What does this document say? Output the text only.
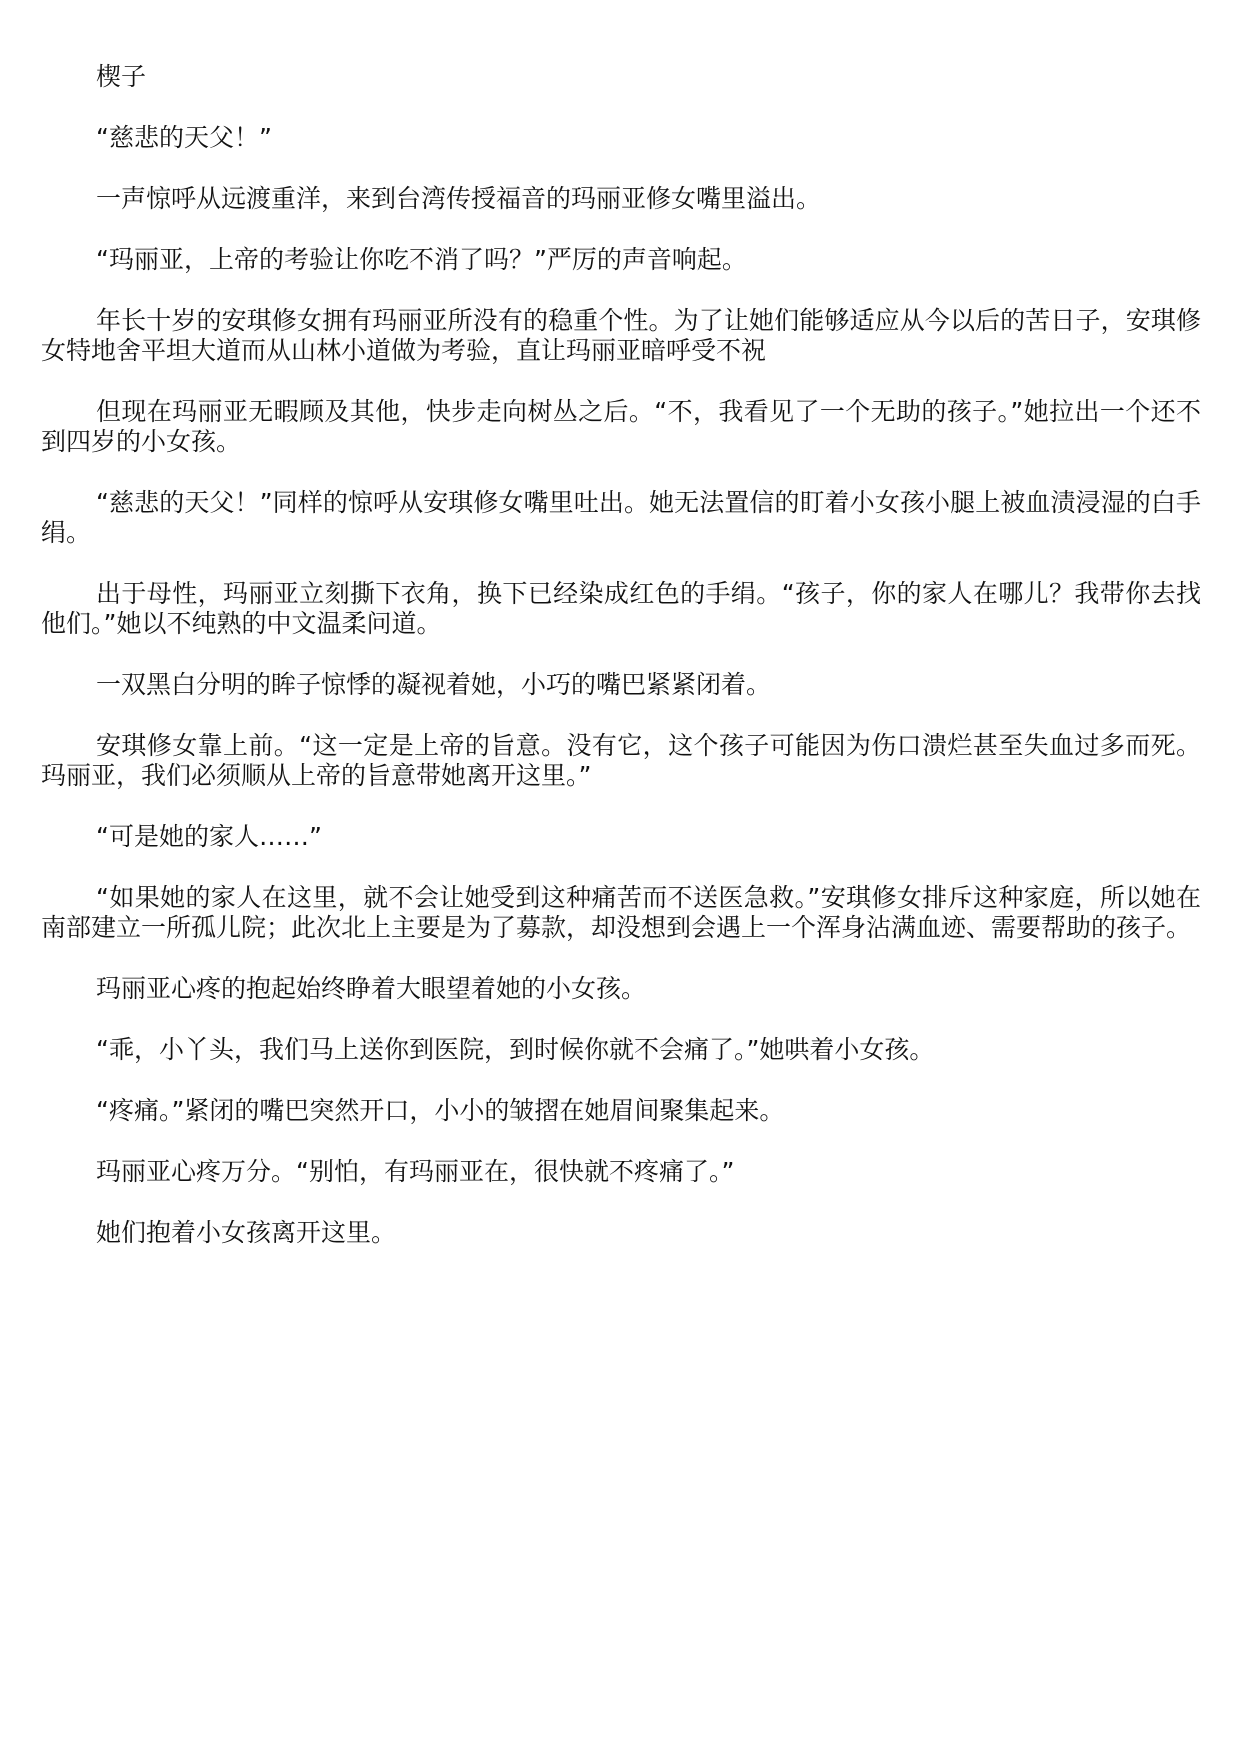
楔子

“慈悲的天父！”

一声惊呼从远渡重洋，来到台湾传授福音的玛丽亚修女嘴里溢出。

“玛丽亚，上帝的考验让你吃不消了吗？”严厉的声音响起。

年长十岁的安琪修女拥有玛丽亚所没有的稳重个性。为了让她们能够适应从今以后的苦日子，安琪修女特地舍平坦大道而从山林小道做为考验，直让玛丽亚暗呼受不祝

但现在玛丽亚无暇顾及其他，快步走向树丛之后。“不，我看见了一个无助的孩子。”她拉出一个还不到四岁的小女孩。

“慈悲的天父！”同样的惊呼从安琪修女嘴里吐出。她无法置信的盯着小女孩小腿上被血渍浸湿的白手绢。

出于母性，玛丽亚立刻撕下衣角，换下已经染成红色的手绢。“孩子，你的家人在哪儿？我带你去找他们。”她以不纯熟的中文温柔问道。

一双黑白分明的眸子惊悸的凝视着她，小巧的嘴巴紧紧闭着。

安琪修女靠上前。“这一定是上帝的旨意。没有它，这个孩子可能因为伤口溃烂甚至失血过多而死。玛丽亚，我们必须顺从上帝的旨意带她离开这里。”

“可是她的家人……”

“如果她的家人在这里，就不会让她受到这种痛苦而不送医急救。”安琪修女排斥这种家庭，所以她在南部建立一所孤儿院；此次北上主要是为了募款，却没想到会遇上一个浑身沾满血迹、需要帮助的孩子。

玛丽亚心疼的抱起始终睁着大眼望着她的小女孩。

“乖，小丫头，我们马上送你到医院，到时候你就不会痛了。”她哄着小女孩。

“疼痛。”紧闭的嘴巴突然开口，小小的皱摺在她眉间聚集起来。

玛丽亚心疼万分。“别怕，有玛丽亚在，很快就不疼痛了。”

她们抱着小女孩离开这里。
